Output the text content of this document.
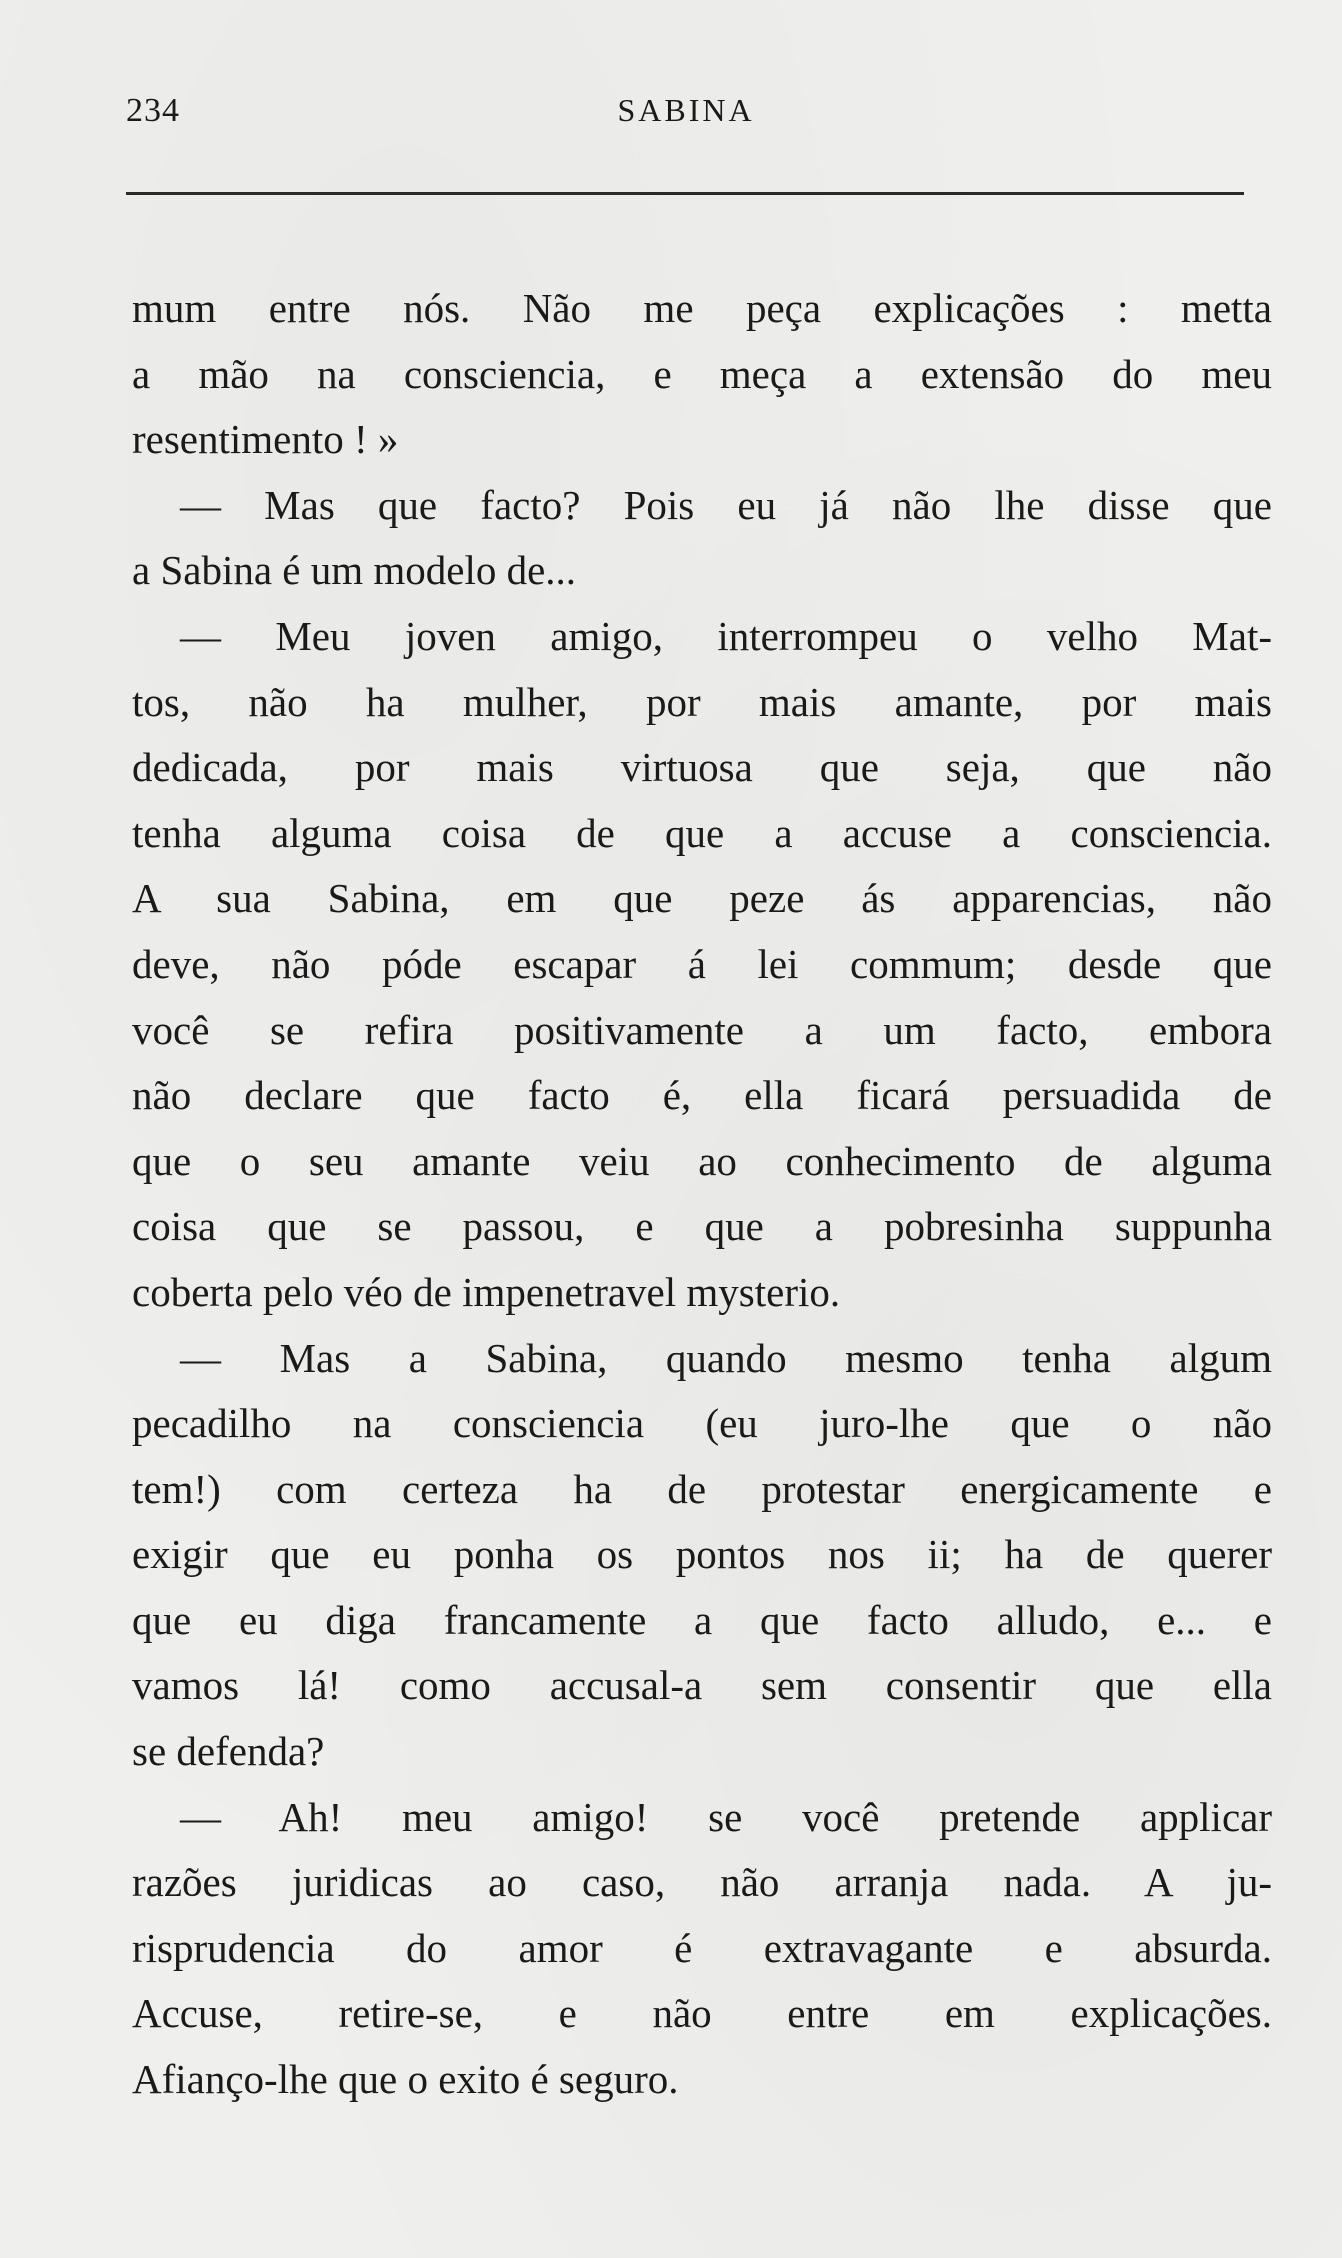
234	SABINA
mum entre nós. Não me peça explicações : metta
a mão na consciencia, e meça a extensão do meu
resentimento ! »
— Mas que facto? Pois eu já não lhe disse que
a Sabina é um modelo de...
— Meu joven amigo, interrompeu o velho Mat-
tos, não ha mulher, por mais amante, por mais
dedicada, por mais virtuosa que seja, que não
tenha alguma coisa de que a accuse a consciencia.
A sua Sabina, em que peze ás apparencias, não
deve, não póde escapar á lei commum; desde que
você se refira positivamente a um facto, embora
não declare que facto é, ella ficará persuadida de
que o seu amante veiu ao conhecimento de alguma
coisa que se passou, e que a pobresinha suppunha
coberta pelo véo de impenetravel mysterio.
— Mas a Sabina, quando mesmo tenha algum
pecadilho na consciencia (eu juro-lhe que o não
tem!) com certeza ha de protestar energicamente e
exigir que eu ponha os pontos nos ii; ha de querer
que eu diga francamente a que facto alludo, e... e
vamos lá! como accusal-a sem consentir que ella
se defenda?
— Ah! meu amigo! se você pretende applicar
razões juridicas ao caso, não arranja nada. A ju-
risprudencia do amor é extravagante e absurda.
Accuse, retire-se, e não entre em explicações.
Afianço-lhe que o exito é seguro.
